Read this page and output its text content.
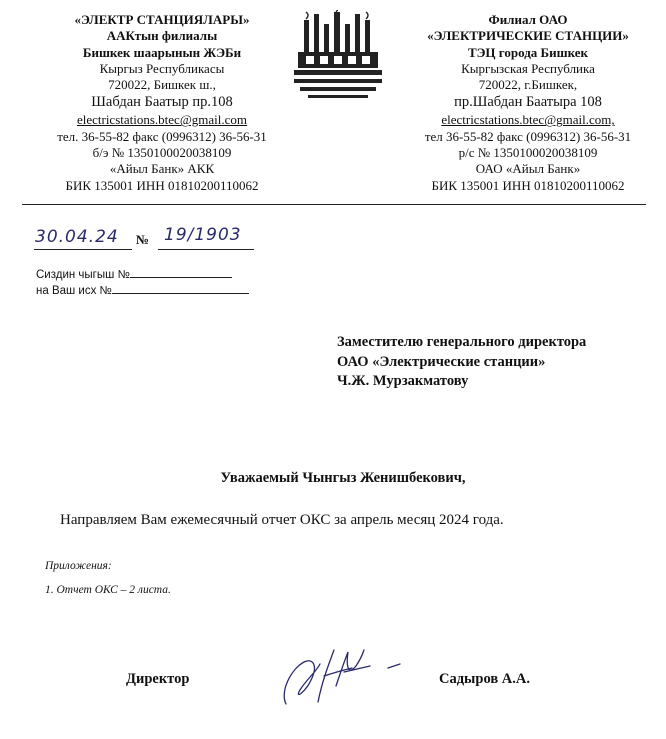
«ЭЛЕКТР СТАНЦИЯЛАРЫ»
ААКтын филиалы
Бишкек шаарынын ЖЭБи
Кыргыз Республикасы
720022, Бишкек ш.,
Шабдан Баатыр пр.108
electricstations.btec@gmail.com
тел. 36-55-82 факс (0996312) 36-56-31
б/э № 1350100020038109
«Айыл Банк» АКК
БИК 135001 ИНН 01810200110062
Филиал ОАО
«ЭЛЕКТРИЧЕСКИЕ СТАНЦИИ»
ТЭЦ города Бишкек
Кыргызская Республика
720022, г.Бишкек,
пр.Шабдан Баатыра 108
electricstations.btec@gmail.com,
тел 36-55-82 факс (0996312) 36-56-31
р/с № 1350100020038109
ОАО «Айыл Банк»
БИК 135001 ИНН 01810200110062
30.04.24 № 19/1903
Сиздин чыгыш №
на Ваш исх №
Заместителю генерального директора
ОАО «Электрические станции»
Ч.Ж. Мурзакматову
Уважаемый Чынгыз Женишбекович,
Направляем Вам ежемесячный отчет ОКС за апрель месяц 2024 года.
Приложения:
1. Отчет ОКС – 2 листа.
Директор	Садыров А.А.
